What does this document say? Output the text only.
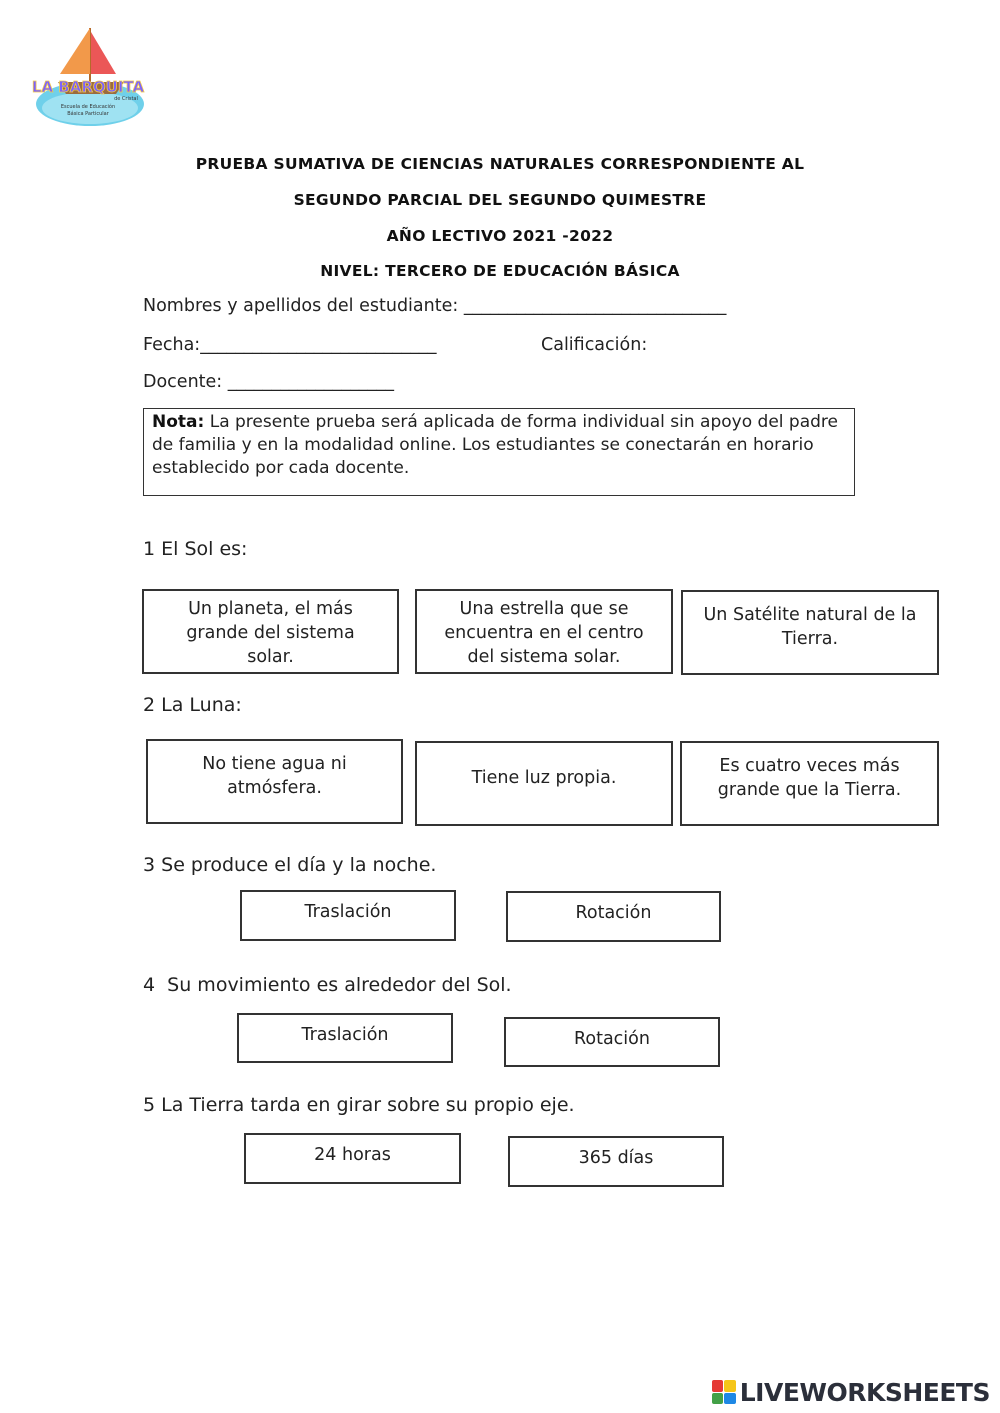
LA BARQUITA
de Cristal
Escuela de Educación
Básica Particular
PRUEBA SUMATIVA DE CIENCIAS NATURALES CORRESPONDIENTE AL
SEGUNDO PARCIAL DEL SEGUNDO QUIMESTRE
AÑO LECTIVO 2021 -2022
NIVEL: TERCERO DE EDUCACIÓN BÁSICA
Nombres y apellidos del estudiante: ______________________________
Fecha:___________________________	Calificación:
Docente: ___________________
Nota: La presente prueba será aplicada de forma individual sin apoyo del padre de familia y en la modalidad online. Los estudiantes se conectarán en horario establecido por cada docente.
1 El Sol es:
Un planeta, el más
grande del sistema
solar.
Una estrella que se
encuentra en el centro
del sistema solar.
Un Satélite natural de la
Tierra.
2 La Luna:
No tiene agua ni
atmósfera.	Tiene luz propia.
Es cuatro veces más
grande que la Tierra.
3 Se produce el día y la noche.
Traslación	Rotación
4  Su movimiento es alrededor del Sol.
Traslación	Rotación
5 La Tierra tarda en girar sobre su propio eje.
24 horas	365 días
LIVEWORKSHEETS
